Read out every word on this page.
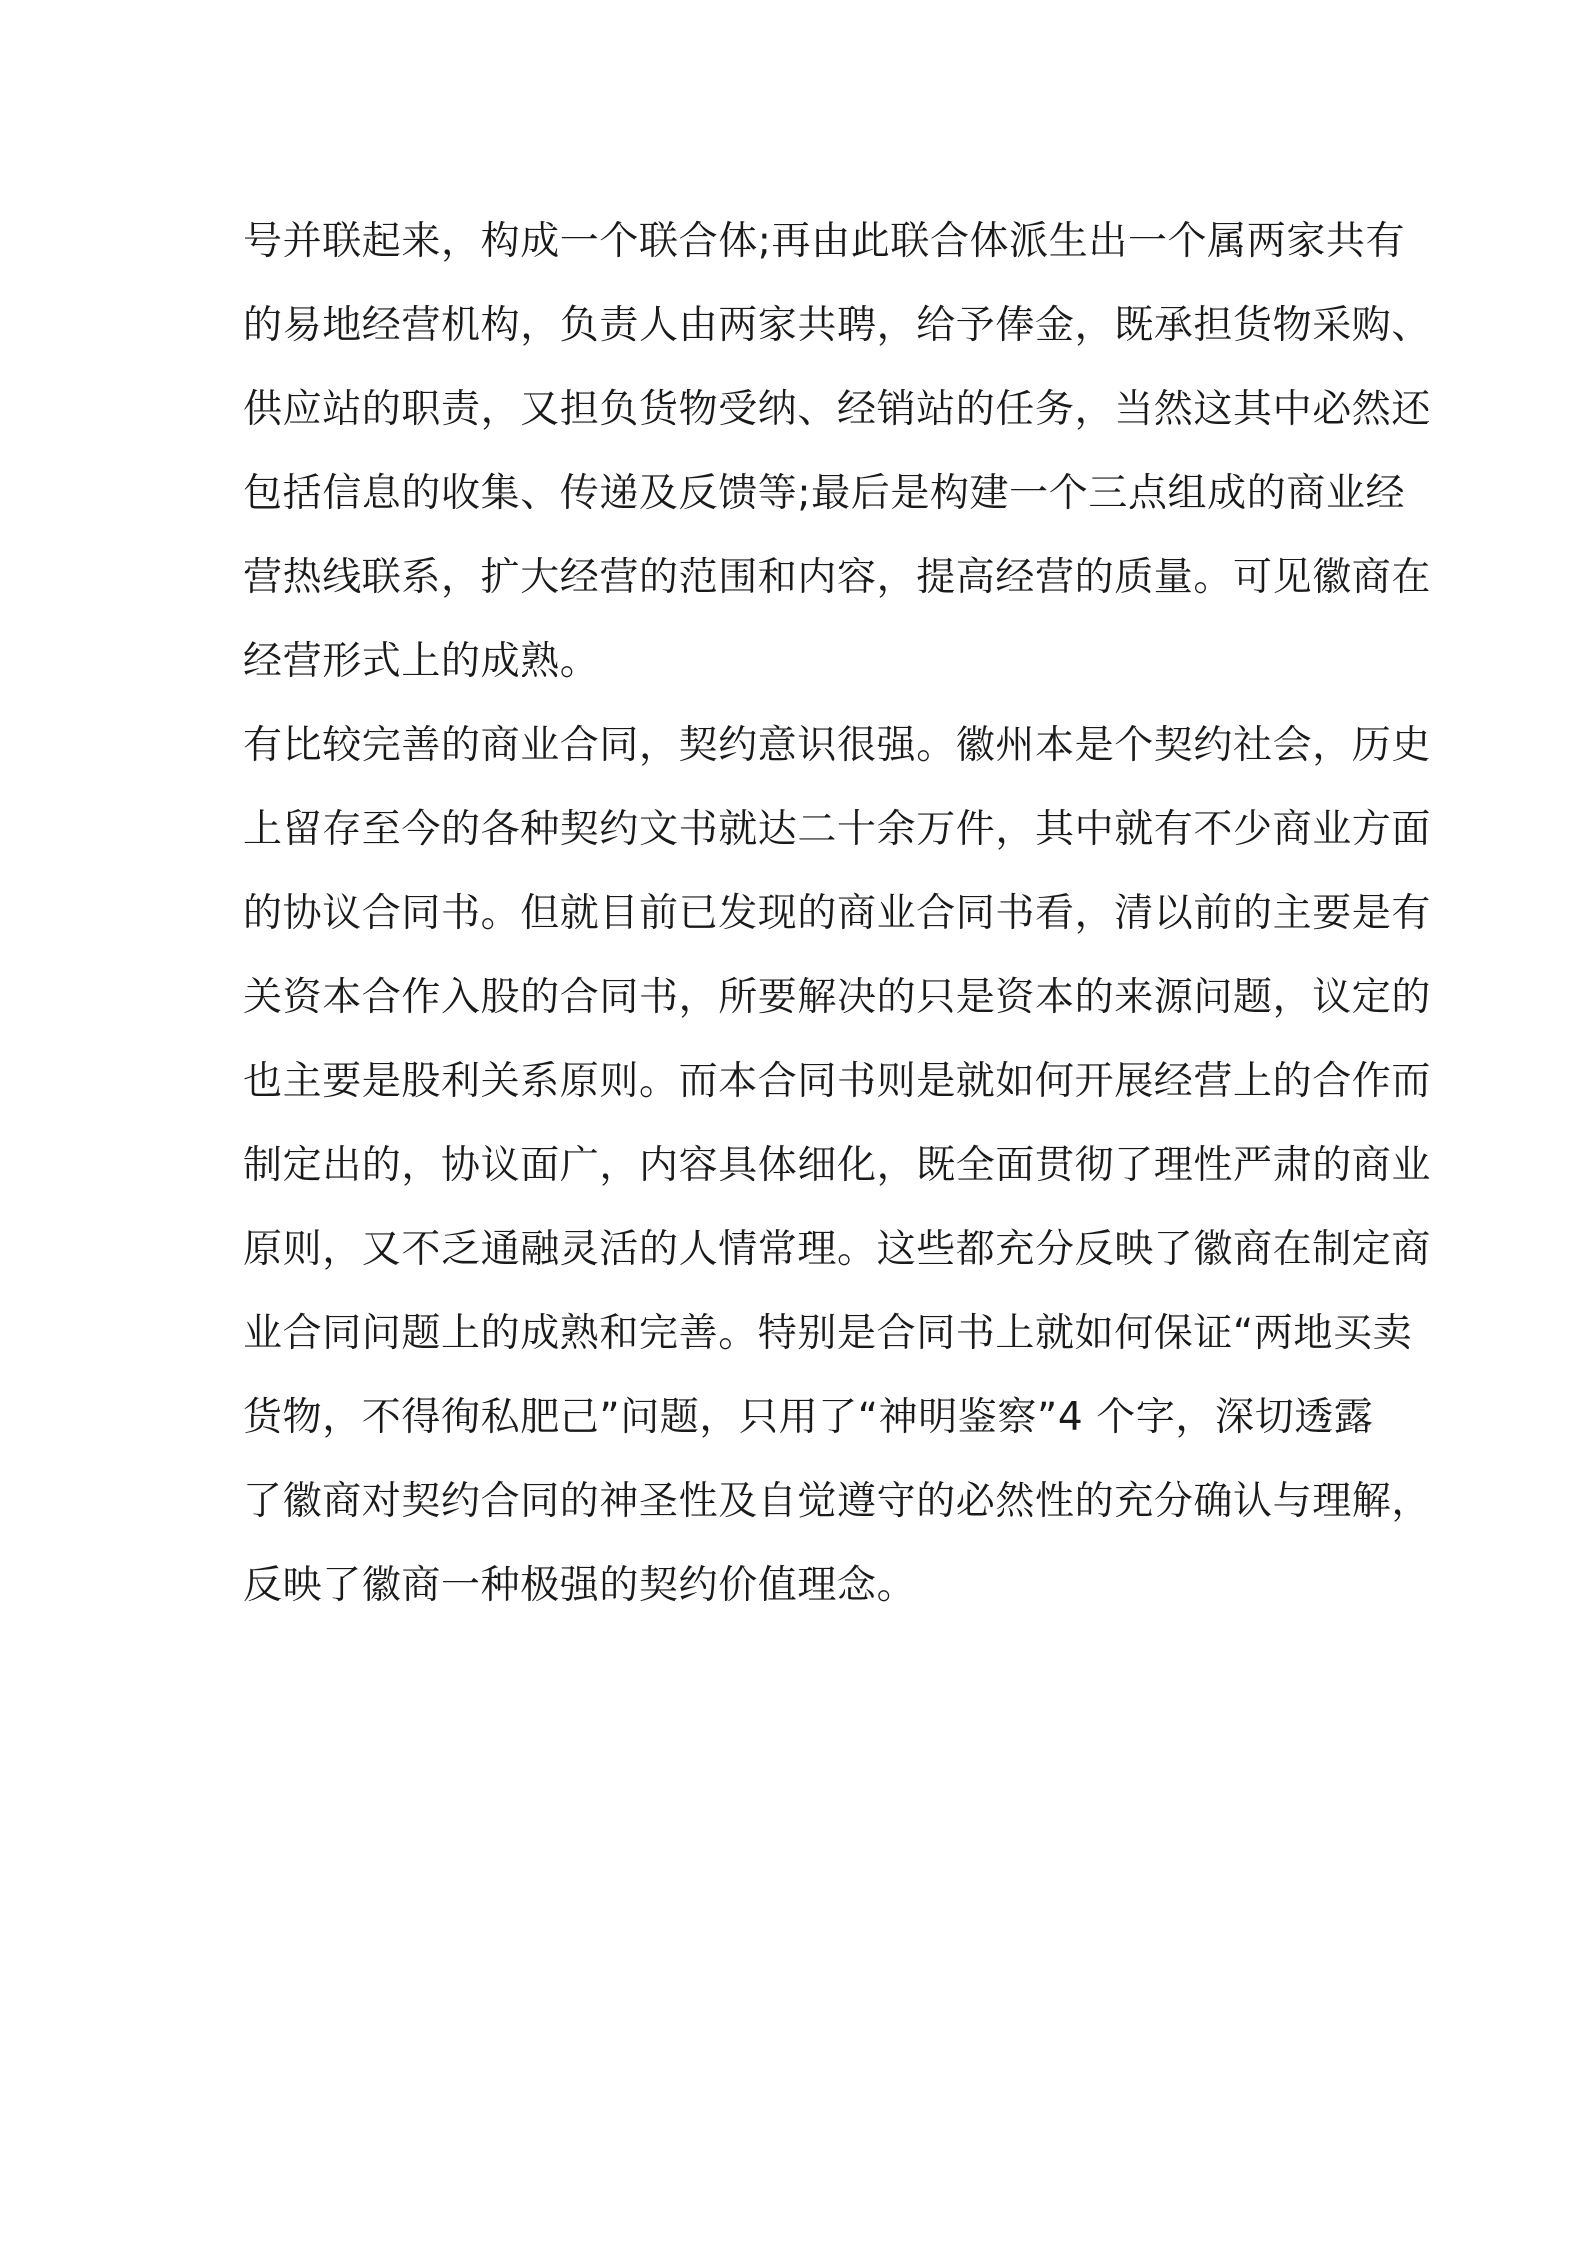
号并联起来，构成一个联合体;再由此联合体派生出一个属两家共有
的易地经营机构，负责人由两家共聘，给予俸金，既承担货物采购、
供应站的职责，又担负货物受纳、经销站的任务，当然这其中必然还
包括信息的收集、传递及反馈等;最后是构建一个三点组成的商业经
营热线联系，扩大经营的范围和内容，提高经营的质量。可见徽商在
经营形式上的成熟。
有比较完善的商业合同，契约意识很强。徽州本是个契约社会，历史
上留存至今的各种契约文书就达二十余万件，其中就有不少商业方面
的协议合同书。但就目前已发现的商业合同书看，清以前的主要是有
关资本合作入股的合同书，所要解决的只是资本的来源问题，议定的
也主要是股利关系原则。而本合同书则是就如何开展经营上的合作而
制定出的，协议面广，内容具体细化，既全面贯彻了理性严肃的商业
原则，又不乏通融灵活的人情常理。这些都充分反映了徽商在制定商
业合同问题上的成熟和完善。特别是合同书上就如何保证“两地买卖
货物，不得徇私肥己”问题，只用了“神明鉴察”4 个字，深切透露
了徽商对契约合同的神圣性及自觉遵守的必然性的充分确认与理解，
反映了徽商一种极强的契约价值理念。
